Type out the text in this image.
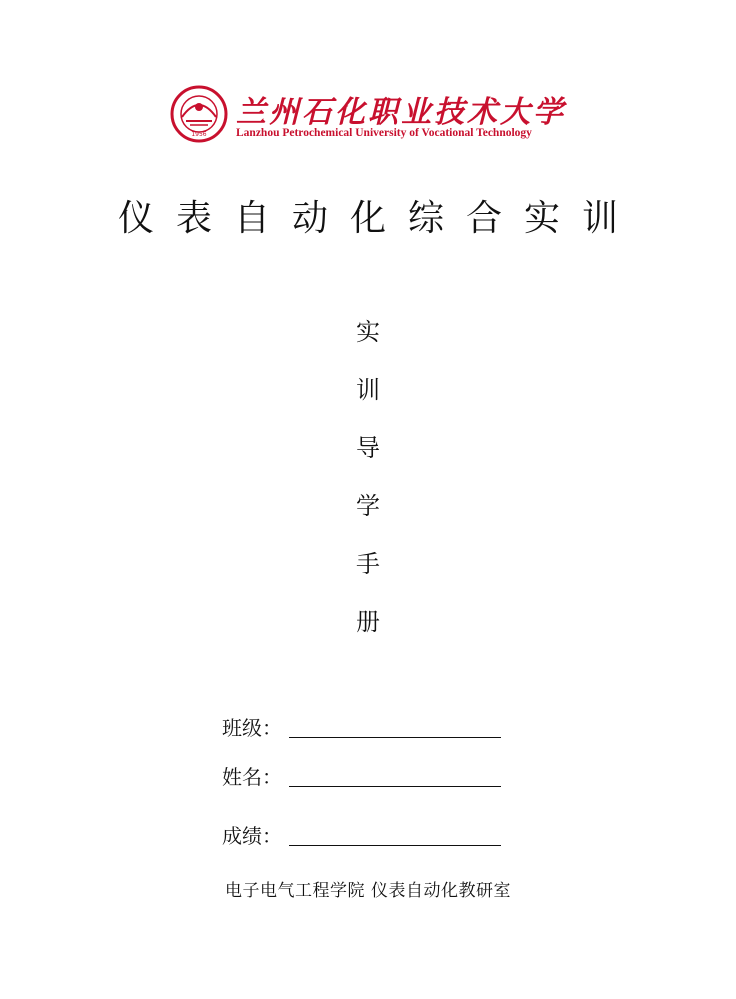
1956
兰州石化职业技术大学
Lanzhou Petrochemical University of Vocational Technology
仪表自动化综合实训
实
训
导
学
手
册
班级：
姓名：
成绩：
电子电气工程学院 仪表自动化教研室
